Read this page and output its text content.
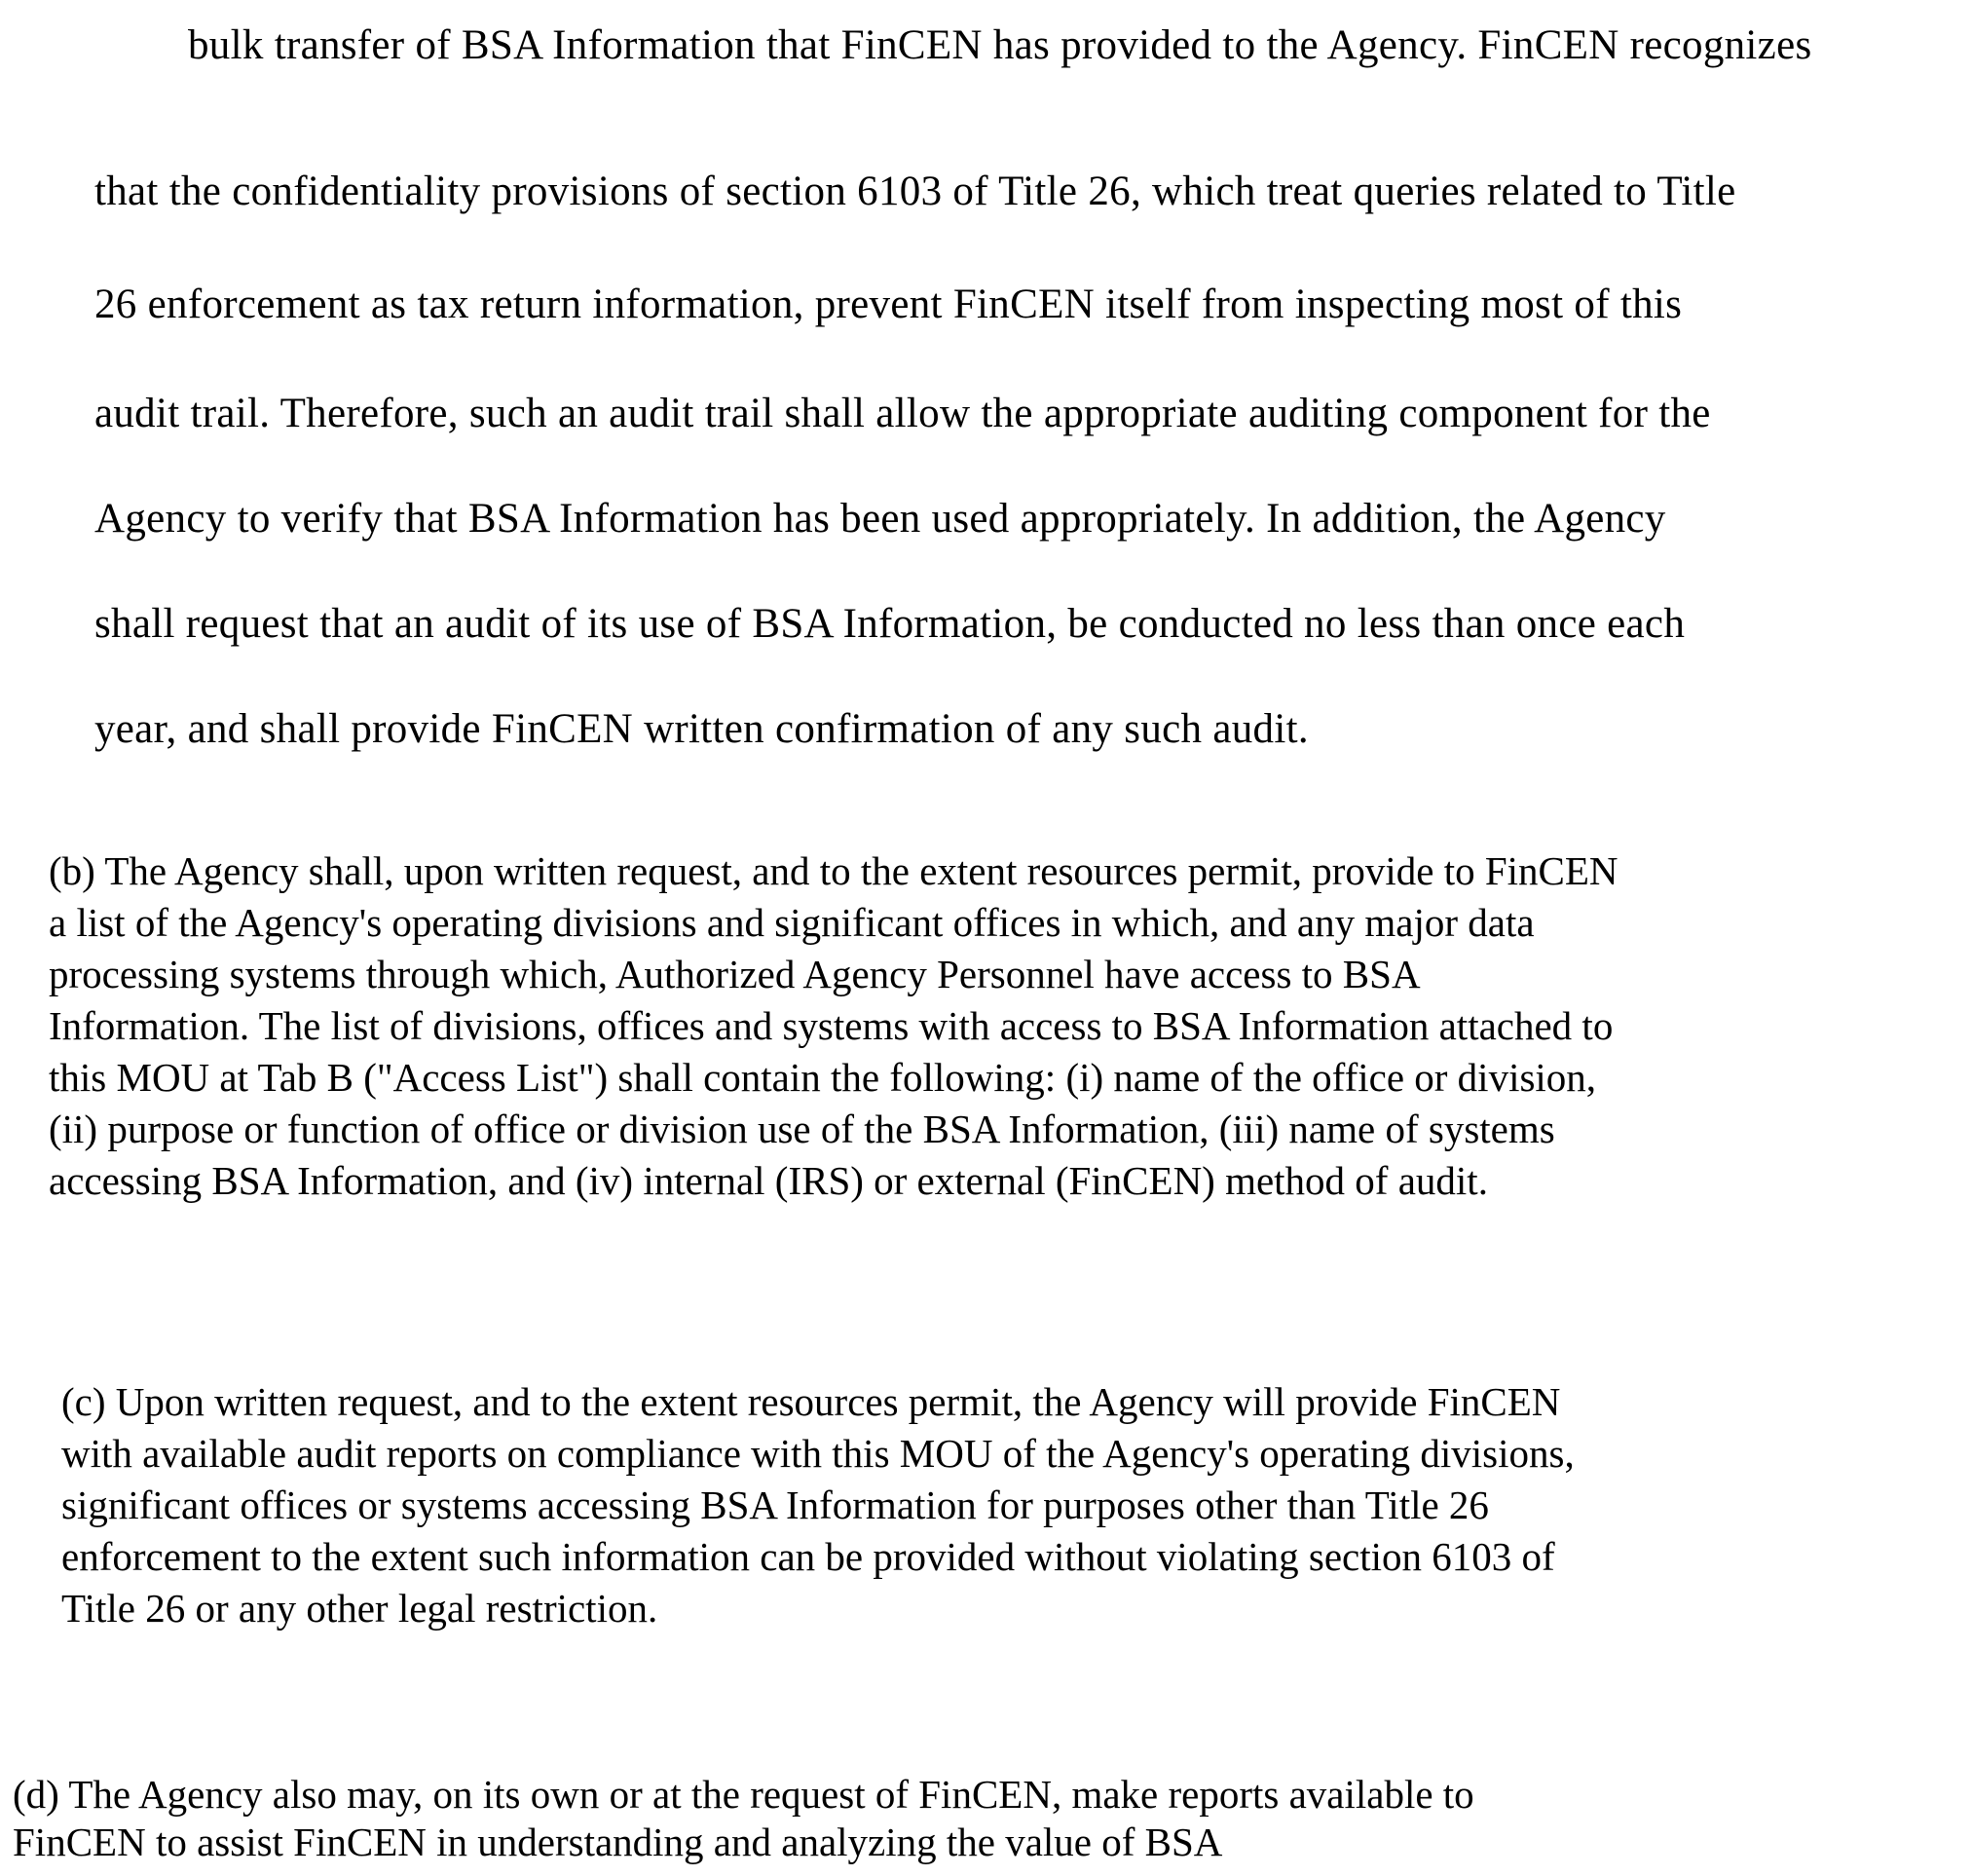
bulk transfer of BSA Information that FinCEN has provided to the Agency. FinCEN recognizes
that the confidentiality provisions of section 6103 of Title 26, which treat queries related to Title
26 enforcement as tax return information, prevent FinCEN itself from inspecting most of this
audit trail. Therefore, such an audit trail shall allow the appropriate auditing component for the
Agency to verify that BSA Information has been used appropriately. In addition, the Agency
shall request that an audit of its use of BSA Information, be conducted no less than once each
year, and shall provide FinCEN written confirmation of any such audit.
(b) The Agency shall, upon written request, and to the extent resources permit, provide to FinCEN
a list of the Agency's operating divisions and significant offices in which, and any major data
processing systems through which, Authorized Agency Personnel have access to BSA
Information. The list of divisions, offices and systems with access to BSA Information attached to
this MOU at Tab B ("Access List") shall contain the following: (i) name of the office or division,
(ii) purpose or function of office or division use of the BSA Information, (iii) name of systems
accessing BSA Information, and (iv) internal (IRS) or external (FinCEN) method of audit.
(c) Upon written request, and to the extent resources permit, the Agency will provide FinCEN
with available audit reports on compliance with this MOU of the Agency's operating divisions,
significant offices or systems accessing BSA Information for purposes other than Title 26
enforcement to the extent such information can be provided without violating section 6103 of
Title 26 or any other legal restriction.
(d) The Agency also may, on its own or at the request of FinCEN, make reports available to
FinCEN to assist FinCEN in understanding and analyzing the value of BSA
